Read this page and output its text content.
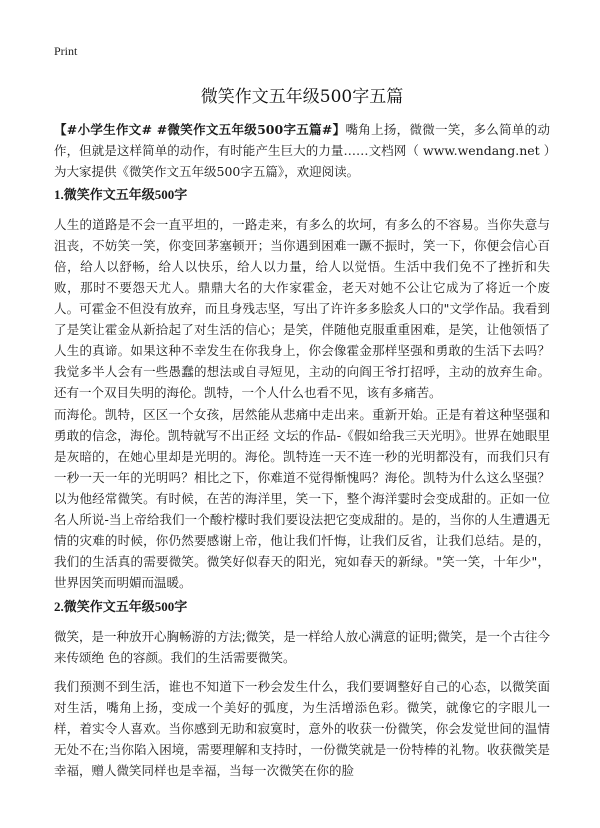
Print
微笑作文五年级500字五篇

【#小学生作文# #微笑作文五年级500字五篇#】嘴角上扬，微微一笑，多么简单的动作，但就是这样简单的动作，有时能产生巨大的力量……文档网（ www.wendang.net ）为大家提供《微笑作文五年级500字五篇》，欢迎阅读。

1.微笑作文五年级500字

人生的道路是不会一直平坦的，一路走来，有多么的坎坷，有多么的不容易。当你失意与沮丧，不妨笑一笑，你变回茅塞顿开；当你遇到困难一蹶不振时，笑一下，你便会信心百倍，给人以舒畅，给人以快乐，给人以力量，给人以觉悟。生活中我们免不了挫折和失败，那时不要怨天尤人。鼎鼎大名的大作家霍金，老天对她不公让它成为了将近一个废人。可霍金不但没有放弃，而且身残志坚，写出了许许多多脍炙人口的"文学作品。我看到了是笑让霍金从新拾起了对生活的信心；是笑，伴随他克服重重困难，是笑，让他领悟了人生的真谛。如果这种不幸发生在你我身上，你会像霍金那样坚强和勇敢的生活下去吗？我觉多半人会有一些愚蠢的想法或自寻短见，主动的向阎王爷打招呼，主动的放弃生命。还有一个双目失明的海伦。凯特，一个人什么也看不见，该有多痛苦。

而海伦。凯特，区区一个女孩，居然能从悲痛中走出来。重新开始。正是有着这种坚强和勇敢的信念，海伦。凯特就写不出正经 文坛的作品-《假如给我三天光明》。世界在她眼里是灰暗的，在她心里却是光明的。海伦。凯特连一天不连一秒的光明都没有，而我们只有一秒一天一年的光明吗？相比之下，你难道不觉得惭愧吗？海伦。凯特为什么这么坚强？以为他经常微笑。有时候，在苦的海洋里，笑一下，整个海洋霎时会变成甜的。正如一位名人所说-当上帝给我们一个酸柠檬时我们要设法把它变成甜的。是的，当你的人生遭遇无情的灾难的时候，你仍然要感谢上帝，他让我们忏悔，让我们反省，让我们总结。是的，我们的生活真的需要微笑。微笑好似春天的阳光，宛如春天的新绿。"笑一笑，十年少"，世界因笑而明媚而温暖。

2.微笑作文五年级500字

微笑，是一种放开心胸畅游的方法;微笑，是一样给人放心满意的证明;微笑，是一个古往今来传颂绝 色的容颜。我们的生活需要微笑。

我们预测不到生活，谁也不知道下一秒会发生什么，我们要调整好自己的心态，以微笑面对生活，嘴角上扬，变成一个美好的弧度，为生活增添色彩。微笑，就像它的字眼儿一样，着实令人喜欢。当你感到无助和寂寞时，意外的收获一份微笑，你会发觉世间的温情无处不在;当你陷入困境，需要理解和支持时，一份微笑就是一份特棒的礼物。收获微笑是幸福，赠人微笑同样也是幸福，当每一次微笑在你的脸
